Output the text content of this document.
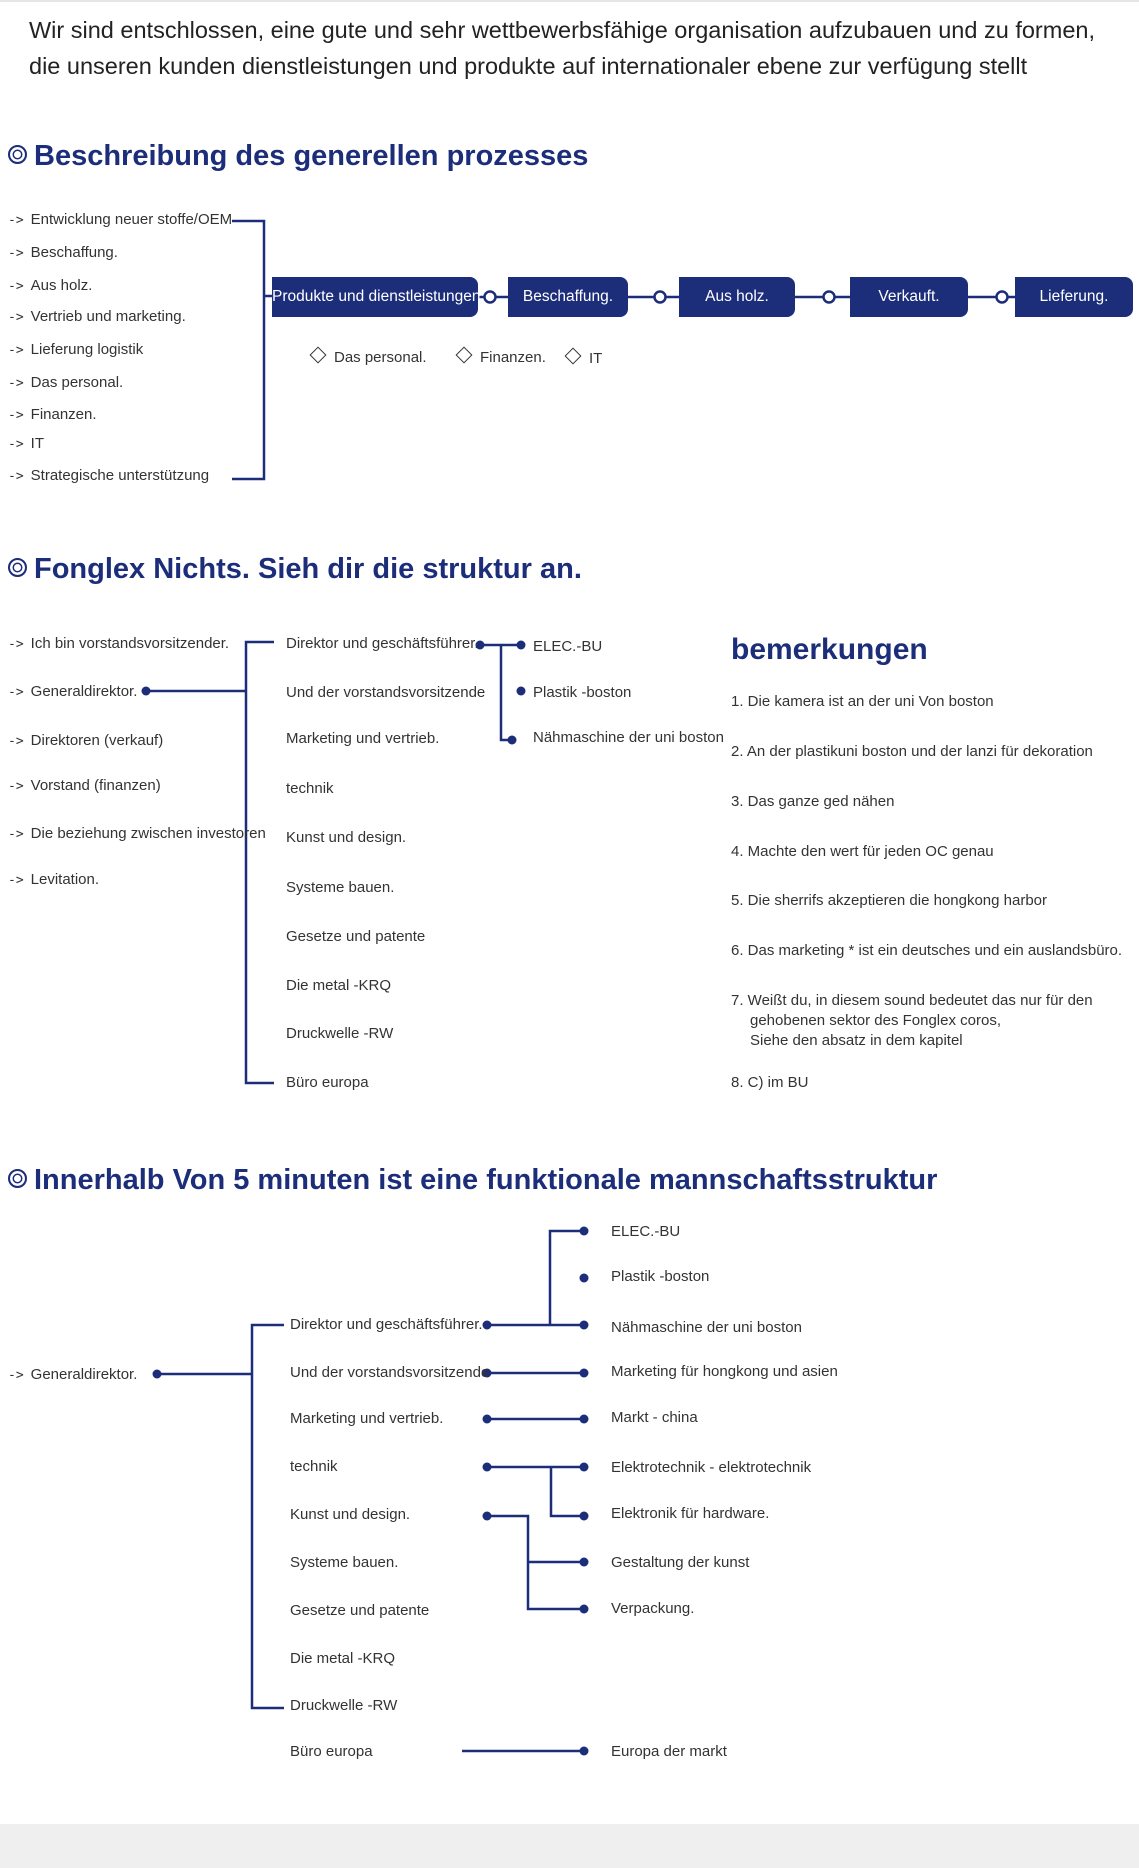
Wir sind entschlossen, eine gute und sehr wettbewerbsfähige organisation aufzubauen und zu formen, die unseren kunden dienstleistungen und produkte auf internationaler ebene zur verfügung stellt
Beschreibung des generellen prozesses
-> Entwicklung neuer stoffe/OEM
-> Beschaffung.
-> Aus holz.
-> Vertrieb und marketing.
-> Lieferung logistik
-> Das personal.
-> Finanzen.
-> IT
-> Strategische unterstützung
Produkte und dienstleistungen.	Beschaffung.	Aus holz.	Verkauft.	Lieferung.
Das personal.	Finanzen.	IT
Fonglex Nichts. Sieh dir die struktur an.
-> Ich bin vorstandsvorsitzender.
-> Generaldirektor.
-> Direktoren (verkauf)
-> Vorstand (finanzen)
-> Die beziehung zwischen investoren
-> Levitation.
Direktor und geschäftsführer.
Und der vorstandsvorsitzende
Marketing und vertrieb.
technik
Kunst und design.
Systeme bauen.
Gesetze und patente
Die metal -KRQ
Druckwelle -RW
Büro europa
ELEC.-BU
Plastik -boston
Nähmaschine der uni boston
bemerkungen
1. Die kamera ist an der uni Von boston
2. An der plastikuni boston und der lanzi für dekoration
3. Das ganze ged nähen
4. Machte den wert für jeden OC genau
5. Die sherrifs akzeptieren die hongkong harbor
6. Das marketing * ist ein deutsches und ein auslandsbüro.
7. Weißt du, in diesem sound bedeutet das nur für den
gehobenen sektor des Fonglex coros,
Siehe den absatz in dem kapitel
8. C) im BU
Innerhalb Von 5 minuten ist eine funktionale mannschaftsstruktur
-> Generaldirektor.
Direktor und geschäftsführer.
Und der vorstandsvorsitzende
Marketing und vertrieb.
technik
Kunst und design.
Systeme bauen.
Gesetze und patente
Die metal -KRQ
Druckwelle -RW
Büro europa
ELEC.-BU
Plastik -boston
Nähmaschine der uni boston
Marketing für hongkong und asien
Markt - china
Elektrotechnik - elektrotechnik
Elektronik für hardware.
Gestaltung der kunst
Verpackung.
Europa der markt
